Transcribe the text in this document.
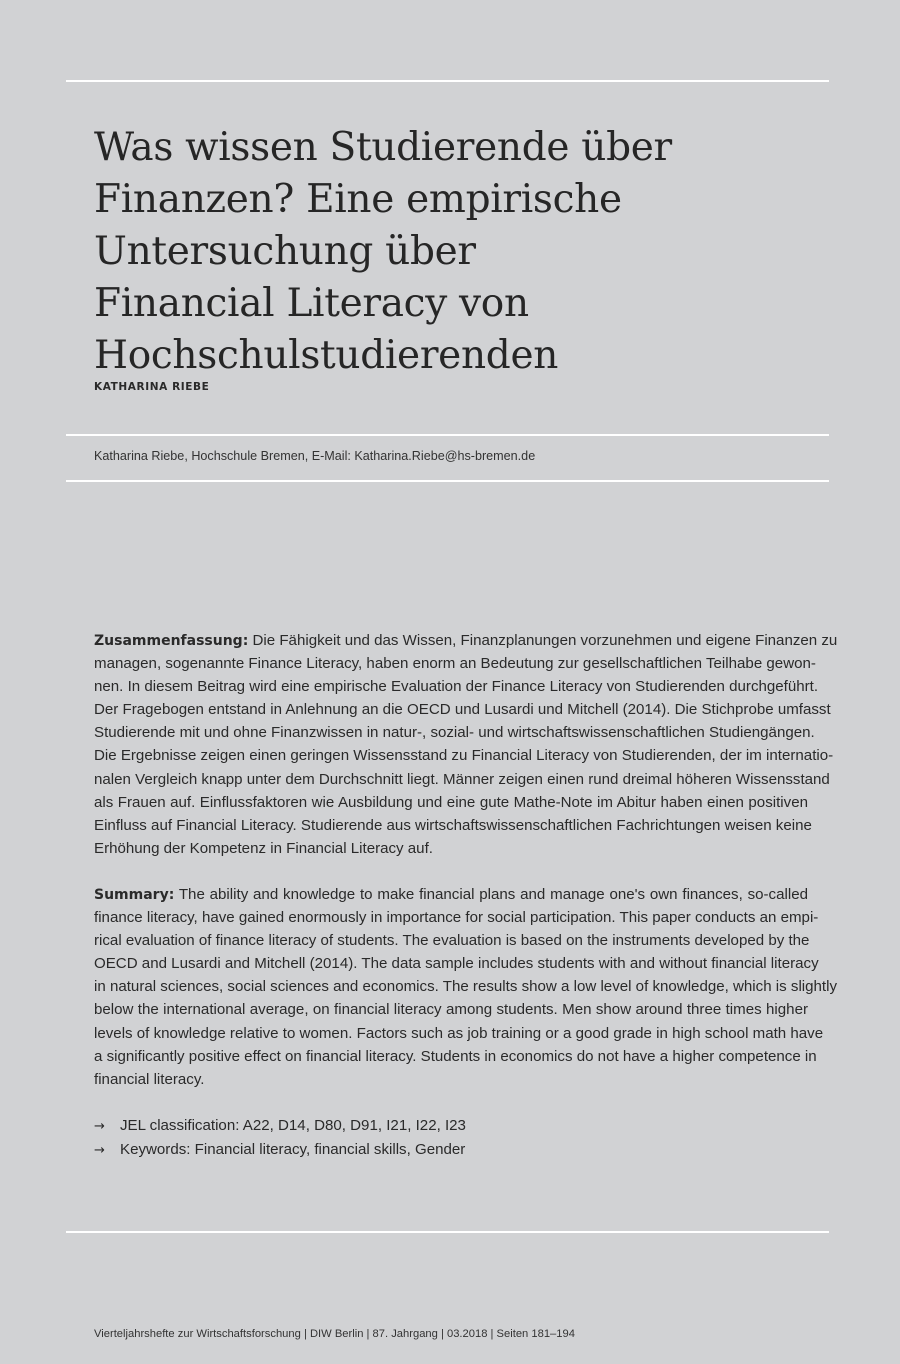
Was wissen Studierende über
Finanzen? Eine empirische
Untersuchung über
Financial Literacy von
Hochschulstudierenden
KATHARINA RIEBE
Katharina Riebe, Hochschule Bremen, E-Mail: Katharina.Riebe@hs-bremen.de
Zusammenfassung: Die Fähigkeit und das Wissen, Finanzplanungen vorzunehmen und eigene Finanzen zu
managen, sogenannte Finance Literacy, haben enorm an Bedeutung zur gesellschaftlichen Teilhabe gewon-
nen. In diesem Beitrag wird eine empirische Evaluation der Finance Literacy von Studierenden durchgeführt.
Der Fragebogen entstand in Anlehnung an die OECD und Lusardi und Mitchell (2014). Die Stichprobe umfasst
Studierende mit und ohne Finanzwissen in natur-, sozial- und wirtschaftswissenschaftlichen Studiengängen.
Die Ergebnisse zeigen einen geringen Wissensstand zu Financial Literacy von Studierenden, der im internatio-
nalen Vergleich knapp unter dem Durchschnitt liegt. Männer zeigen einen rund dreimal höheren Wissensstand
als Frauen auf. Einflussfaktoren wie Ausbildung und eine gute Mathe-Note im Abitur haben einen positiven
Einfluss auf Financial Literacy. Studierende aus wirtschaftswissenschaftlichen Fachrichtungen weisen keine
Erhöhung der Kompetenz in Financial Literacy auf.
Summary: The ability and knowledge to make financial plans and manage one's own finances, so-called
finance literacy, have gained enormously in importance for social participation. This paper conducts an empi-
rical evaluation of finance literacy of students. The evaluation is based on the instruments developed by the
OECD and Lusardi and Mitchell (2014). The data sample includes students with and without financial literacy
in natural sciences, social sciences and economics. The results show a low level of knowledge, which is slightly
below the international average, on financial literacy among students. Men show around three times higher
levels of knowledge relative to women. Factors such as job training or a good grade in high school math have
a significantly positive effect on financial literacy. Students in economics do not have a higher competence in
financial literacy.
→ JEL classification: A22, D14, D80, D91, I21, I22, I23
→ Keywords: Financial literacy, financial skills, Gender
Vierteljahrshefte zur Wirtschaftsforschung | DIW Berlin | 87. Jahrgang | 03.2018 | Seiten 181–194
